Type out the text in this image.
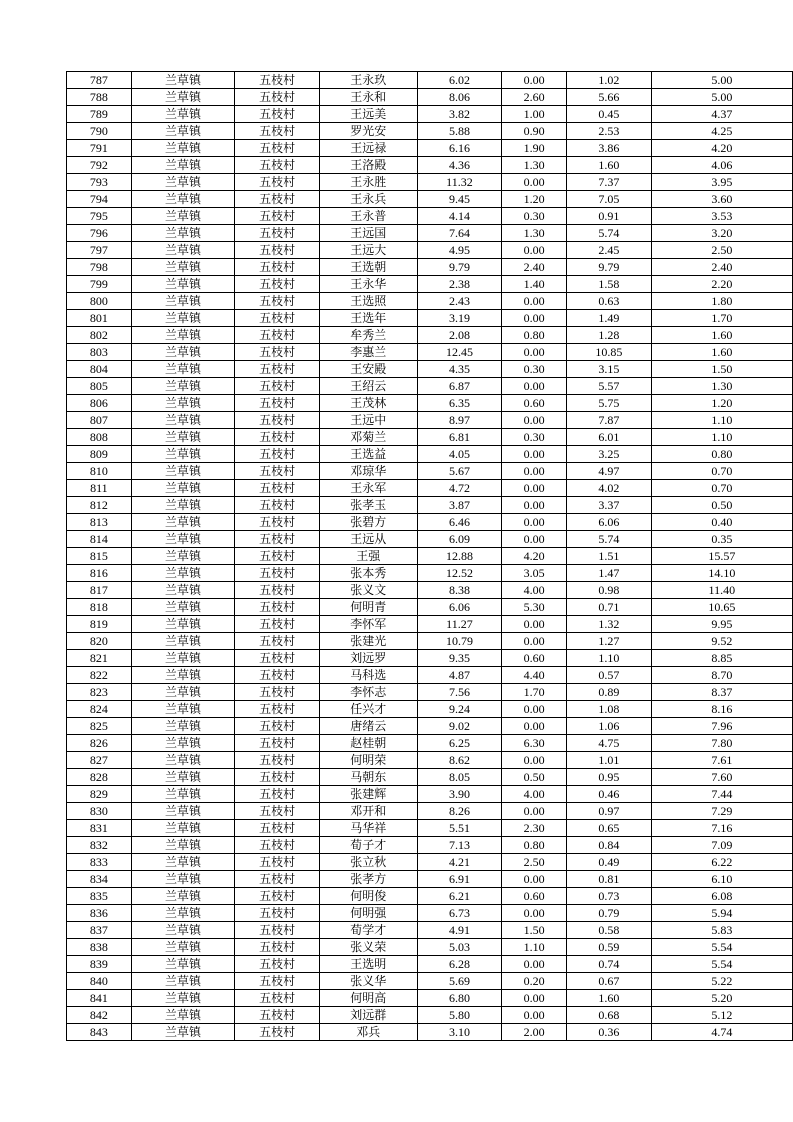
787	兰草镇	五枝村	王永玖	6.02	0.00	1.02	5.00
788	兰草镇	五枝村	王永和	8.06	2.60	5.66	5.00
789	兰草镇	五枝村	王远美	3.82	1.00	0.45	4.37
790	兰草镇	五枝村	罗光安	5.88	0.90	2.53	4.25
791	兰草镇	五枝村	王远禄	6.16	1.90	3.86	4.20
792	兰草镇	五枝村	王洛殿	4.36	1.30	1.60	4.06
793	兰草镇	五枝村	王永胜	11.32	0.00	7.37	3.95
794	兰草镇	五枝村	王永兵	9.45	1.20	7.05	3.60
795	兰草镇	五枝村	王永普	4.14	0.30	0.91	3.53
796	兰草镇	五枝村	王远国	7.64	1.30	5.74	3.20
797	兰草镇	五枝村	王远大	4.95	0.00	2.45	2.50
798	兰草镇	五枝村	王选朝	9.79	2.40	9.79	2.40
799	兰草镇	五枝村	王永华	2.38	1.40	1.58	2.20
800	兰草镇	五枝村	王选照	2.43	0.00	0.63	1.80
801	兰草镇	五枝村	王选年	3.19	0.00	1.49	1.70
802	兰草镇	五枝村	牟秀兰	2.08	0.80	1.28	1.60
803	兰草镇	五枝村	李惠兰	12.45	0.00	10.85	1.60
804	兰草镇	五枝村	王安殿	4.35	0.30	3.15	1.50
805	兰草镇	五枝村	王绍云	6.87	0.00	5.57	1.30
806	兰草镇	五枝村	王茂林	6.35	0.60	5.75	1.20
807	兰草镇	五枝村	王远中	8.97	0.00	7.87	1.10
808	兰草镇	五枝村	邓菊兰	6.81	0.30	6.01	1.10
809	兰草镇	五枝村	王选益	4.05	0.00	3.25	0.80
810	兰草镇	五枝村	邓琼华	5.67	0.00	4.97	0.70
811	兰草镇	五枝村	王永军	4.72	0.00	4.02	0.70
812	兰草镇	五枝村	张孝玉	3.87	0.00	3.37	0.50
813	兰草镇	五枝村	张碧方	6.46	0.00	6.06	0.40
814	兰草镇	五枝村	王远从	6.09	0.00	5.74	0.35
815	兰草镇	五枝村	王强	12.88	4.20	1.51	15.57
816	兰草镇	五枝村	张本秀	12.52	3.05	1.47	14.10
817	兰草镇	五枝村	张义文	8.38	4.00	0.98	11.40
818	兰草镇	五枝村	何明青	6.06	5.30	0.71	10.65
819	兰草镇	五枝村	李怀军	11.27	0.00	1.32	9.95
820	兰草镇	五枝村	张建光	10.79	0.00	1.27	9.52
821	兰草镇	五枝村	刘远罗	9.35	0.60	1.10	8.85
822	兰草镇	五枝村	马科选	4.87	4.40	0.57	8.70
823	兰草镇	五枝村	李怀志	7.56	1.70	0.89	8.37
824	兰草镇	五枝村	任兴才	9.24	0.00	1.08	8.16
825	兰草镇	五枝村	唐绪云	9.02	0.00	1.06	7.96
826	兰草镇	五枝村	赵桂朝	6.25	6.30	4.75	7.80
827	兰草镇	五枝村	何明荣	8.62	0.00	1.01	7.61
828	兰草镇	五枝村	马朝东	8.05	0.50	0.95	7.60
829	兰草镇	五枝村	张建辉	3.90	4.00	0.46	7.44
830	兰草镇	五枝村	邓开和	8.26	0.00	0.97	7.29
831	兰草镇	五枝村	马华祥	5.51	2.30	0.65	7.16
832	兰草镇	五枝村	荀子才	7.13	0.80	0.84	7.09
833	兰草镇	五枝村	张立秋	4.21	2.50	0.49	6.22
834	兰草镇	五枝村	张孝方	6.91	0.00	0.81	6.10
835	兰草镇	五枝村	何明俊	6.21	0.60	0.73	6.08
836	兰草镇	五枝村	何明强	6.73	0.00	0.79	5.94
837	兰草镇	五枝村	荀学才	4.91	1.50	0.58	5.83
838	兰草镇	五枝村	张义荣	5.03	1.10	0.59	5.54
839	兰草镇	五枝村	王选明	6.28	0.00	0.74	5.54
840	兰草镇	五枝村	张义华	5.69	0.20	0.67	5.22
841	兰草镇	五枝村	何明高	6.80	0.00	1.60	5.20
842	兰草镇	五枝村	刘远群	5.80	0.00	0.68	5.12
843	兰草镇	五枝村	邓兵	3.10	2.00	0.36	4.74
